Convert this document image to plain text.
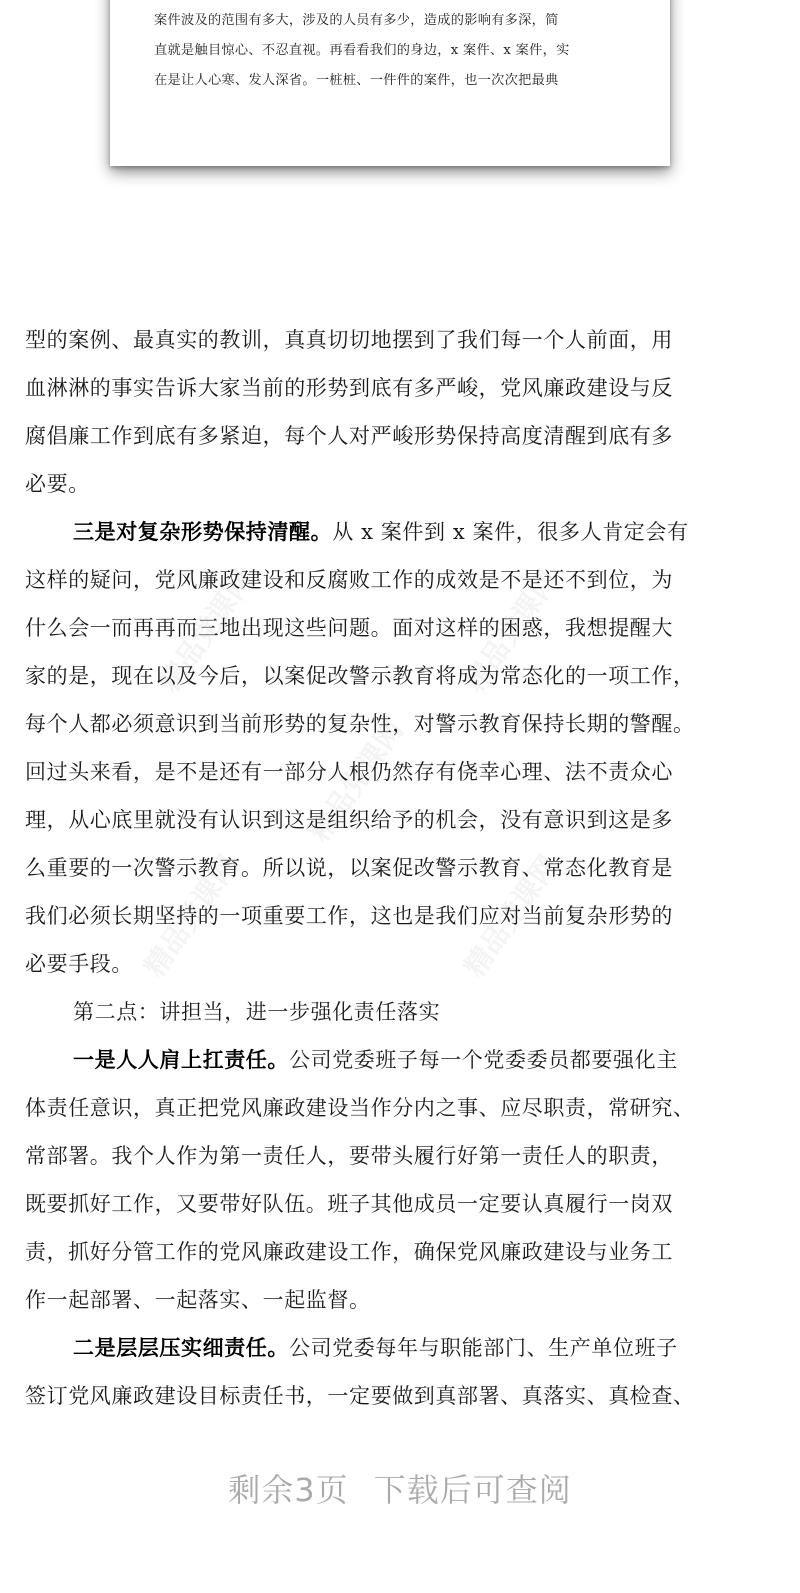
案件波及的范围有多大，涉及的人员有多少，造成的影响有多深，简
直就是触目惊心、不忍直视。再看看我们的身边，x 案件、x 案件，实
在是让人心寒、发人深省。一桩桩、一件件的案件，也一次次把最典
精品党课网	精品党课网
精品党课网
精品党课网	精品党课网
型的案例、最真实的教训，真真切切地摆到了我们每一个人前面，用
血淋淋的事实告诉大家当前的形势到底有多严峻，党风廉政建设与反
腐倡廉工作到底有多紧迫，每个人对严峻形势保持高度清醒到底有多
必要。
三是对复杂形势保持清醒。从 x 案件到 x 案件，很多人肯定会有
这样的疑问，党风廉政建设和反腐败工作的成效是不是还不到位，为
什么会一而再再而三地出现这些问题。面对这样的困惑，我想提醒大
家的是，现在以及今后，以案促改警示教育将成为常态化的一项工作，
每个人都必须意识到当前形势的复杂性，对警示教育保持长期的警醒。
回过头来看，是不是还有一部分人根仍然存有侥幸心理、法不责众心
理，从心底里就没有认识到这是组织给予的机会，没有意识到这是多
么重要的一次警示教育。所以说，以案促改警示教育、常态化教育是
我们必须长期坚持的一项重要工作，这也是我们应对当前复杂形势的
必要手段。
第二点：讲担当，进一步强化责任落实
一是人人肩上扛责任。公司党委班子每一个党委委员都要强化主
体责任意识，真正把党风廉政建设当作分内之事、应尽职责，常研究、
常部署。我个人作为第一责任人，要带头履行好第一责任人的职责，
既要抓好工作，又要带好队伍。班子其他成员一定要认真履行一岗双
责，抓好分管工作的党风廉政建设工作，确保党风廉政建设与业务工
作一起部署、一起落实、一起监督。
二是层层压实细责任。公司党委每年与职能部门、生产单位班子
签订党风廉政建设目标责任书，一定要做到真部署、真落实、真检查、
剩余3页 下载后可查阅
